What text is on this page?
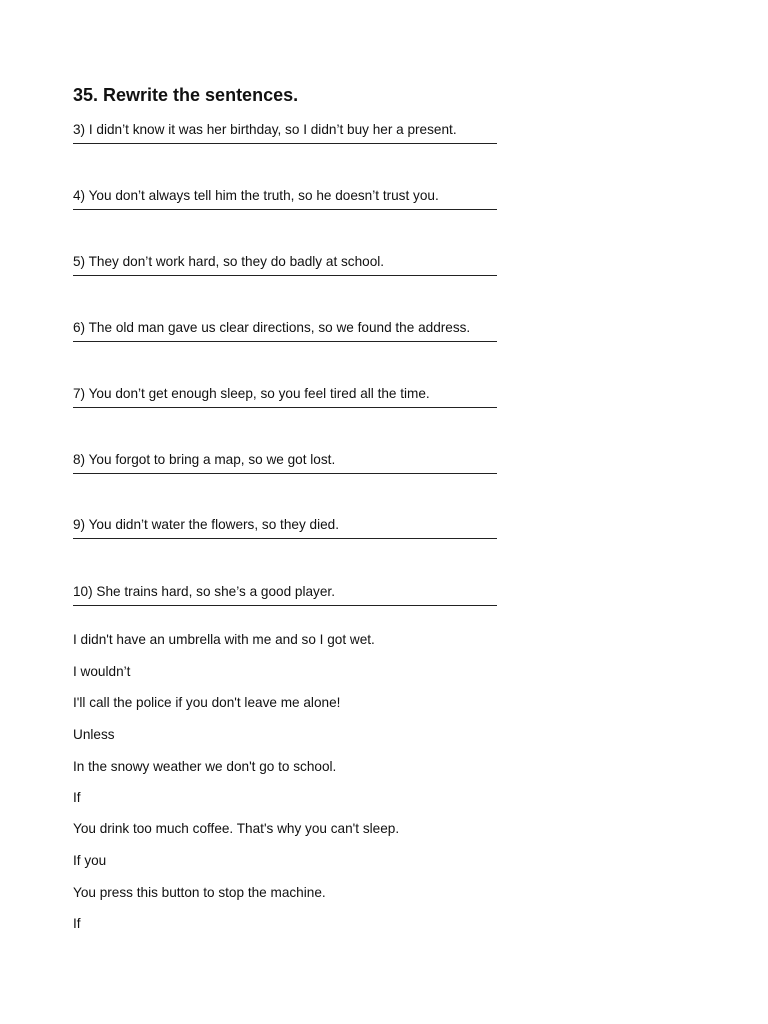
35. Rewrite the sentences.
3) I didn’t know it was her birthday, so I didn’t buy her a present.
4) You don’t always tell him the truth, so he doesn’t trust you.
5) They don’t work hard, so they do badly at school.
6) The old man gave us clear directions, so we found the address.
7) You don’t get enough sleep, so you feel tired all the time.
8) You forgot to bring a map, so we got lost.
9) You didn’t water the flowers, so they died.
10) She trains hard, so she’s a good player.

I didn't have an umbrella with me and so I got wet.

I wouldn’t

I'll call the police if you don't leave me alone!

Unless

In the snowy weather we don't go to school.

If

You drink too much coffee. That's why you can't sleep.

If you

You press this button to stop the machine.

If
